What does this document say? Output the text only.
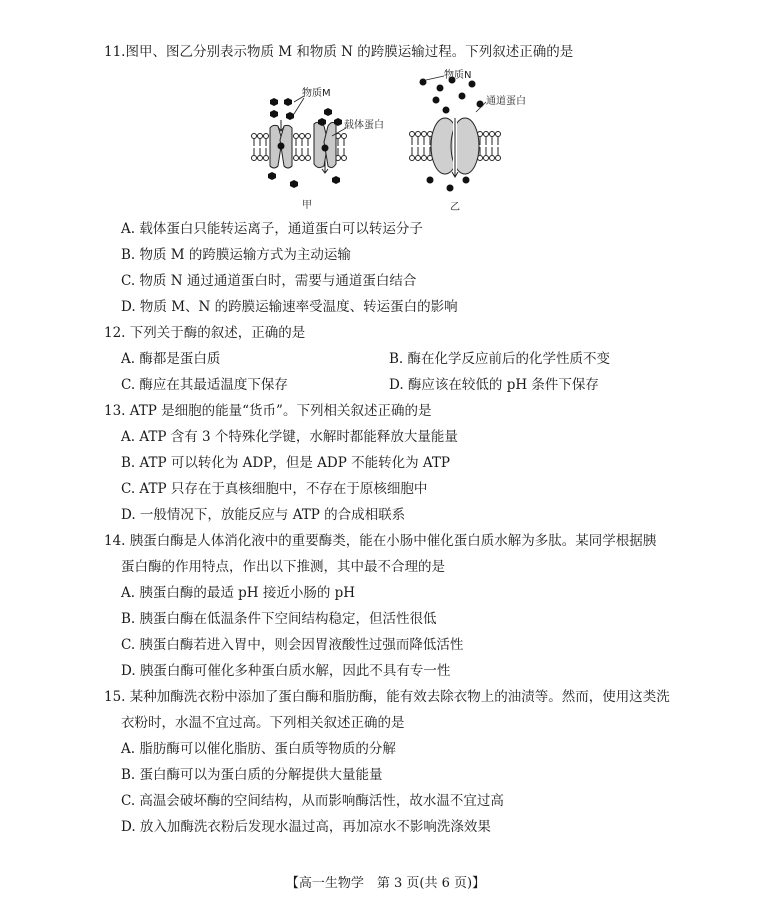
11.图甲、图乙分别表示物质 M 和物质 N 的跨膜运输过程。下列叙述正确的是
物质M
载体蛋白
甲
物质N
通道蛋白
乙
A. 载体蛋白只能转运离子，通道蛋白可以转运分子
B. 物质 M 的跨膜运输方式为主动运输
C. 物质 N 通过通道蛋白时，需要与通道蛋白结合
D. 物质 M、N 的跨膜运输速率受温度、转运蛋白的影响
12. 下列关于酶的叙述，正确的是
A. 酶都是蛋白质	B. 酶在化学反应前后的化学性质不变
C. 酶应在其最适温度下保存	D. 酶应该在较低的 pH 条件下保存
13. ATP 是细胞的能量“货币”。下列相关叙述正确的是
A. ATP 含有 3 个特殊化学键，水解时都能释放大量能量
B. ATP 可以转化为 ADP，但是 ADP 不能转化为 ATP
C. ATP 只存在于真核细胞中，不存在于原核细胞中
D. 一般情况下，放能反应与 ATP 的合成相联系
14. 胰蛋白酶是人体消化液中的重要酶类，能在小肠中催化蛋白质水解为多肽。某同学根据胰
蛋白酶的作用特点，作出以下推测，其中最不合理的是
A. 胰蛋白酶的最适 pH 接近小肠的 pH
B. 胰蛋白酶在低温条件下空间结构稳定，但活性很低
C. 胰蛋白酶若进入胃中，则会因胃液酸性过强而降低活性
D. 胰蛋白酶可催化多种蛋白质水解，因此不具有专一性
15. 某种加酶洗衣粉中添加了蛋白酶和脂肪酶，能有效去除衣物上的油渍等。然而，使用这类洗
衣粉时，水温不宜过高。下列相关叙述正确的是
A. 脂肪酶可以催化脂肪、蛋白质等物质的分解
B. 蛋白酶可以为蛋白质的分解提供大量能量
C. 高温会破坏酶的空间结构，从而影响酶活性，故水温不宜过高
D. 放入加酶洗衣粉后发现水温过高，再加凉水不影响洗涤效果
【高一生物学　第 3 页(共 6 页)】
